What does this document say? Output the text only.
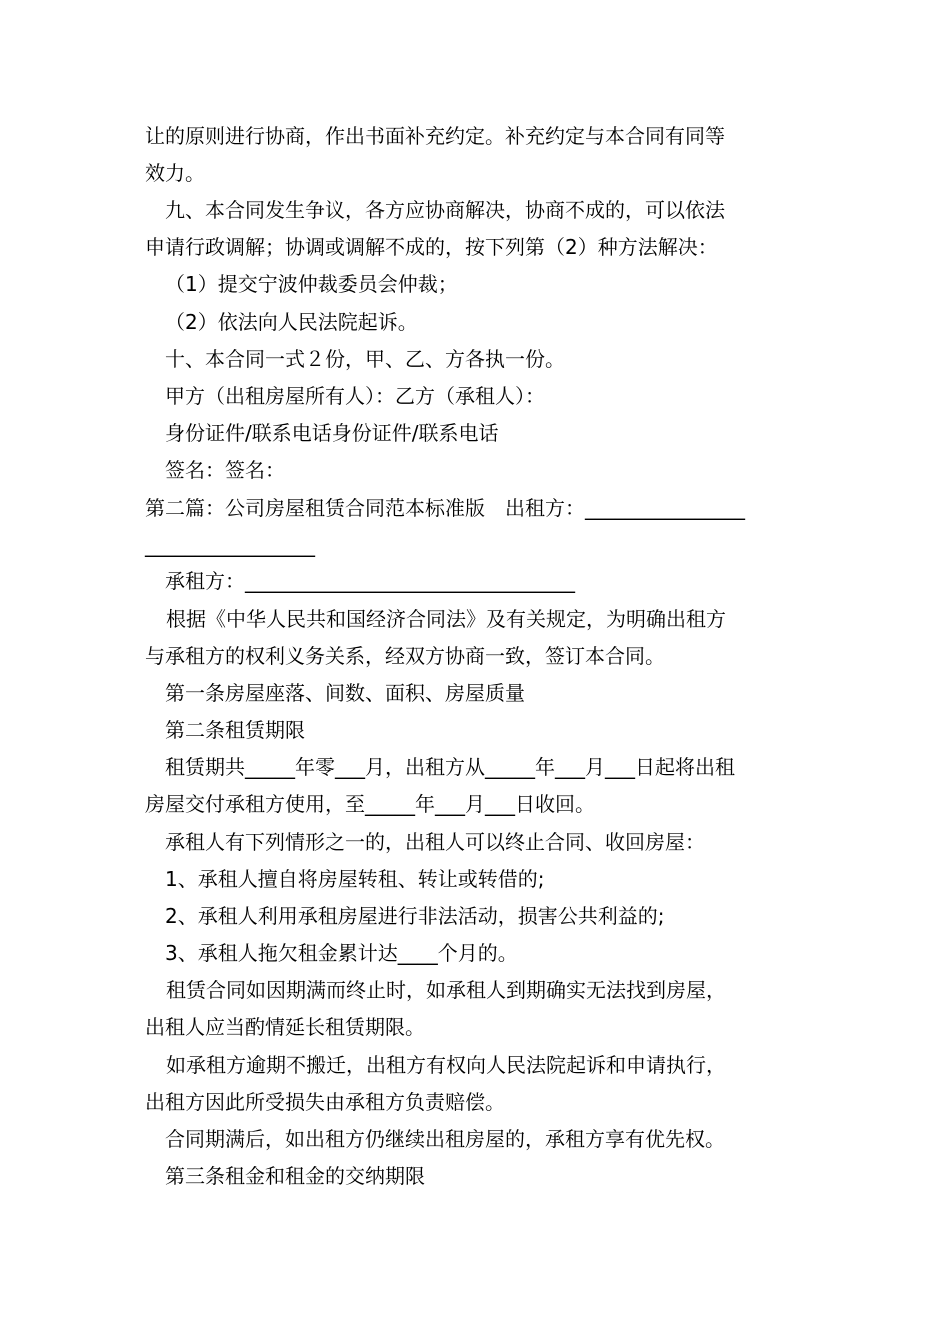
让的原则进行协商，作出书面补充约定。补充约定与本合同有同等
效力。
九、本合同发生争议，各方应协商解决，协商不成的，可以依法
申请行政调解；协调或调解不成的，按下列第（2）种方法解决：
（1）提交宁波仲裁委员会仲裁；
（2）依法向人民法院起诉。
十、本合同一式２份，甲、乙、方各执一份。
甲方（出租房屋所有人）：乙方（承租人）：
身份证件/联系电话身份证件/联系电话
签名：签名：
第二篇：公司房屋租赁合同范本标准版　出租方：________________
_________________
承租方：_________________________________
根据《中华人民共和国经济合同法》及有关规定，为明确出租方
与承租方的权利义务关系，经双方协商一致，签订本合同。
第一条房屋座落、间数、面积、房屋质量
第二条租赁期限
租赁期共_____年零___月，出租方从_____年___月___日起将出租
房屋交付承租方使用，至_____年___月___日收回。
承租人有下列情形之一的，出租人可以终止合同、收回房屋：
1、承租人擅自将房屋转租、转让或转借的;
2、承租人利用承租房屋进行非法活动，损害公共利益的;
3、承租人拖欠租金累计达____个月的。
租赁合同如因期满而终止时，如承租人到期确实无法找到房屋，
出租人应当酌情延长租赁期限。
如承租方逾期不搬迁，出租方有权向人民法院起诉和申请执行，
出租方因此所受损失由承租方负责赔偿。
合同期满后，如出租方仍继续出租房屋的，承租方享有优先权。
第三条租金和租金的交纳期限
